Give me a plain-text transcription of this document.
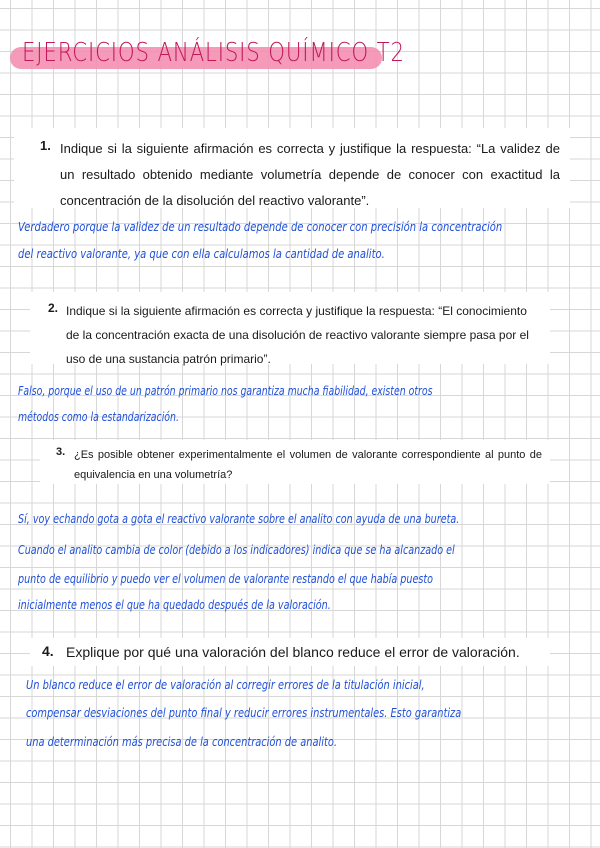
EJERCICIOS ANÁLISIS QUÍMICO T2
1. Indique si la siguiente afirmación es correcta y justifique la respuesta: “La validez de un resultado obtenido mediante volumetría depende de conocer con exactitud la concentración de la disolución del reactivo valorante”.
Verdadero porque la validez de un resultado depende de conocer con precisión la concentración
del reactivo valorante, ya que con ella calculamos la cantidad de analito.
2. Indique si la siguiente afirmación es correcta y justifique la respuesta: “El conocimiento de la concentración exacta de una disolución de reactivo valorante siempre pasa por el uso de una sustancia patrón primario”.
Falso, porque el uso de un patrón primario nos garantiza mucha fiabilidad, existen otros
métodos como la estandarización.
3. ¿Es posible obtener experimentalmente el volumen de valorante correspondiente al punto de equivalencia en una volumetría?
Sí, voy echando gota a gota el reactivo valorante sobre el analito con ayuda de una bureta.
Cuando el analito cambia de color (debido a los indicadores) indica que se ha alcanzado el
punto de equilibrio y puedo ver el volumen de valorante restando el que había puesto
inicialmente menos el que ha quedado después de la valoración.
4. Explique por qué una valoración del blanco reduce el error de valoración.
Un blanco reduce el error de valoración al corregir errores de la titulación inicial,
compensar desviaciones del punto final y reducir errores instrumentales. Esto garantiza
una determinación más precisa de la concentración de analito.
